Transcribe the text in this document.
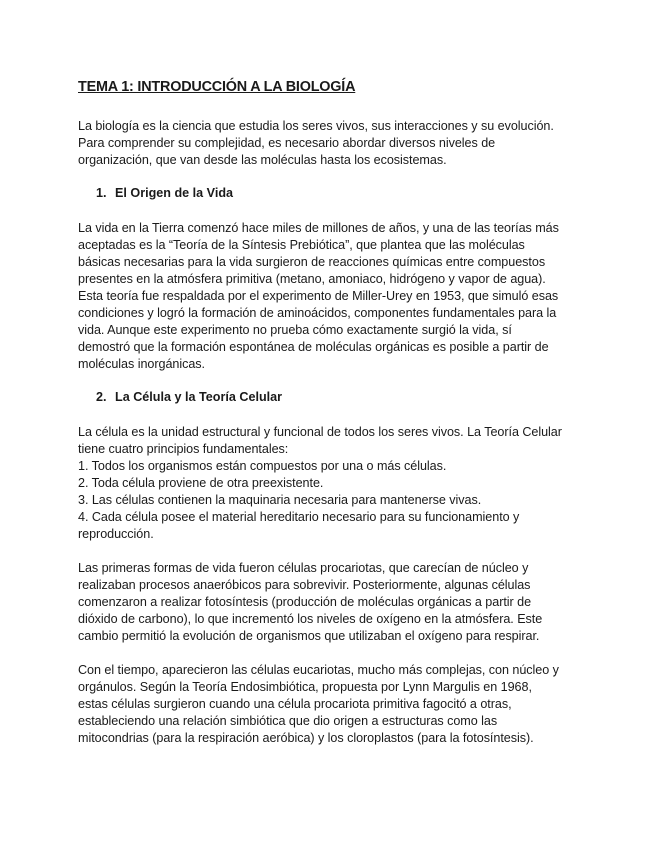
TEMA 1: INTRODUCCIÓN A LA BIOLOGÍA
La biología es la ciencia que estudia los seres vivos, sus interacciones y su evolución.
Para comprender su complejidad, es necesario abordar diversos niveles de
organización, que van desde las moléculas hasta los ecosistemas.
1. El Origen de la Vida
La vida en la Tierra comenzó hace miles de millones de años, y una de las teorías más
aceptadas es la “Teoría de la Síntesis Prebiótica”, que plantea que las moléculas
básicas necesarias para la vida surgieron de reacciones químicas entre compuestos
presentes en la atmósfera primitiva (metano, amoniaco, hidrógeno y vapor de agua).
Esta teoría fue respaldada por el experimento de Miller-Urey en 1953, que simuló esas
condiciones y logró la formación de aminoácidos, componentes fundamentales para la
vida. Aunque este experimento no prueba cómo exactamente surgió la vida, sí
demostró que la formación espontánea de moléculas orgánicas es posible a partir de
moléculas inorgánicas.
2. La Célula y la Teoría Celular
La célula es la unidad estructural y funcional de todos los seres vivos. La Teoría Celular
tiene cuatro principios fundamentales:
1. Todos los organismos están compuestos por una o más células.
2. Toda célula proviene de otra preexistente.
3. Las células contienen la maquinaria necesaria para mantenerse vivas.
4. Cada célula posee el material hereditario necesario para su funcionamiento y
reproducción.
Las primeras formas de vida fueron células procariotas, que carecían de núcleo y
realizaban procesos anaeróbicos para sobrevivir. Posteriormente, algunas células
comenzaron a realizar fotosíntesis (producción de moléculas orgánicas a partir de
dióxido de carbono), lo que incrementó los niveles de oxígeno en la atmósfera. Este
cambio permitió la evolución de organismos que utilizaban el oxígeno para respirar.
Con el tiempo, aparecieron las células eucariotas, mucho más complejas, con núcleo y
orgánulos. Según la Teoría Endosimbiótica, propuesta por Lynn Margulis en 1968,
estas células surgieron cuando una célula procariota primitiva fagocitó a otras,
estableciendo una relación simbiótica que dio origen a estructuras como las
mitocondrias (para la respiración aeróbica) y los cloroplastos (para la fotosíntesis).
